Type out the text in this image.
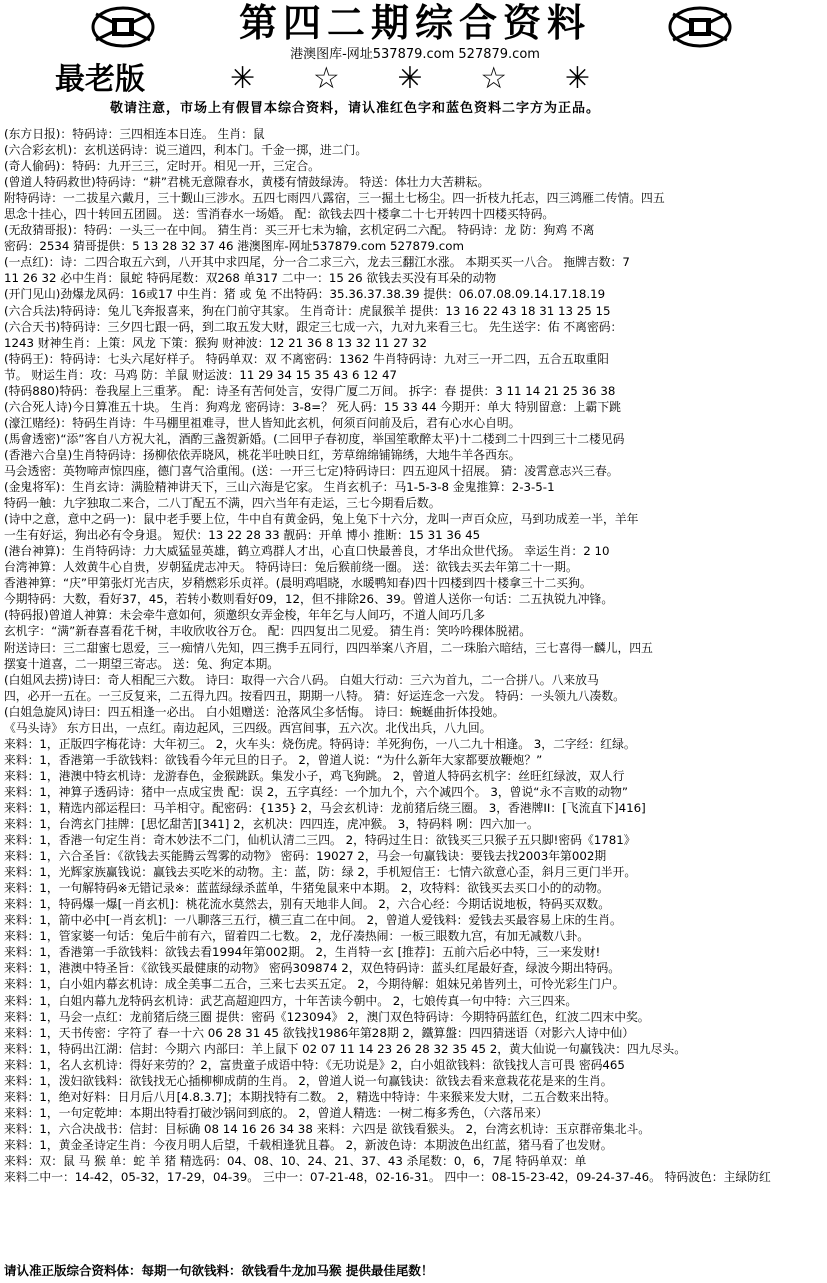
第四二期综合资料
港澳图库-网址537879.com 527879.com
最老版	✳ ☆ ✳ ☆ ✳
敬请注意，市场上有假冒本综合资料，请认准红色字和蓝色资料二字方为正品。
(东方日报)：特码诗：三四相连本日连。 生肖：鼠
(六合彩玄机)：玄机送码诗：说三道四，利本门。千金一掷，进二门。
(奇人偷码)：特码：九开三三，定时开。相见一开，三定合。
(曾道人特码救世)特码诗：“耕”君桃无意隙春水，黄楼有情鼓绿涛。 特送：体壮力大苦耕耘。
附特码诗：一二拔星六戴月，三十觐山三涉水。五四七雨四八露宿，三一掘土七杨尘。四一折枝九托志，四三鸿雁二传情。四五
思念十挂心，四十转回五团圆。 送：雪消春水一场婚。 配：欲钱去四十楼拿二十七开转四十四楼买特码。
(无敌猜哥报)：特码：一头三一在中间。 猜生肖：买三开七未为输，玄机定码二六配。 特码诗：龙 防：狗鸡 不离
密码：2534 猜哥提供：5 13 28 32 37 46 港澳图库-网址537879.com 527879.com
(一点红)：诗：二四合取五六到，八开其中求四尾，分一合二求三六，龙去三翻江水涨。 本期买买一八合。 拖牌吉数：7
11 26 32 必中生肖：鼠蛇 特码尾数：双268 单317 二中一：15 26 欲钱去买没有耳朵的动物
(开门见山)劲爆龙凤码：16或17 中生肖：猪 或 兔 不出特码：35.36.37.38.39 提供：06.07.08.09.14.17.18.19
(六合兵法)特码诗：兔儿飞奔报喜来，狗在门前守其家。 生肖奇计：虎鼠猴羊 提供：13 16 22 43 18 31 13 25 15
(六合天书)特码诗：三夕四七跟一码，到二取五发大财，跟定三七成一六，九对九来看三七。 先生送字：佑 不离密码：
1243 财神生肖：上策：风龙 下策：猴狗 财神波：12 21 36 8 13 32 11 27 32
(特码王)：特码诗：七头六尾好样子。 特码单双：双 不离密码：1362 牛肖特码诗：九对三一开二四，五合五取重阳
节。 财运生肖：攻：马鸡 防：羊鼠 财运波：11 29 34 15 35 43 6 12 47
(特码880)特码：卷我屋上三重茅。 配：诗圣有苦何处言，安得广厦二万间。 拆字：春 提供：3 11 14 21 25 36 38
(六合死人诗)今日算准五十块。 生肖：狗鸡龙 密码诗：3-8=？ 死人码：15 33 44 今期开：单大 特别留意：上霸下跳
(濠江赌经)：特码生肖诗：牛马棚里祖难寻，世人皆知此玄机，何须百问前及后，君有心水心自明。
(馬會透密)“添”客自八方祝大礼，酒酌三盏贺新婚。(二回甲子春初度，举国笙歌醉太平)十二楼到二十四到三十二楼见码
(香港六合皇)生肖特码诗：扬柳依依弄晓风，桃花半吐映日红，芳草绵绵铺锦绣，大地牛羊各西东。
马会透密：英物啼声惊四座，德门喜气洽重闱。(送：一开三七定)特码诗曰：四五迎风十招展。 猜：凌霄意志兴三春。
(金鬼将军)：生肖玄诗：满脸精神讲天下，三山六海是它家。 生肖玄机子：马1-5-3-8 金鬼推算：2-3-5-1
特码一触：九字独取二来合，二八丁配五不满，四六当年有走运，三七今期看后数。
(诗中之意，意中之码一)：鼠中老手要上位，牛中自有黄金码，兔上兔下十六分，龙叫一声百众应，马到功成差一半，羊年
一生有好运，狗出必有令身退。 短伏：13 22 28 33 靓码：开单 博小 推断：15 31 36 45
(港台神算)：生肖特码诗：力大威猛显英雄，鹤立鸡群人才出，心直口快最善良，才华出众世代扬。 幸运生肖：2 10
台湾神算：人效黄牛心自贵，岁朝猛虎志冲天。 特码诗曰：兔后猴前绕一圈。 送：欲钱去买去年第二十一期。
香港神算：“庆”甲第张灯光吉庆，岁稍燃彩乐贞祥。(晨明鸡唱晓，水暖鸭知春)四十四楼到四十楼拿三十二买狗。
今期特码：大数，看好37，45，若转小数则看好09，12，但不排除26、39。曾道人送你一句话：二五执锐九冲锋。
(特码报)曾道人神算：未会牵牛意如何，须邀织女弄金梭，年年乞与人间巧，不道人间巧几多
玄机字：“满”新春喜看花千树，丰收欣收谷万仓。 配：四四复出二见爱。 猜生肖：笑吟吟稞体脱裙。
附送诗曰：三二甜蜜七恩爱，三一痴情八先知，四三携手五同行，四四举案八齐眉，二一珠胎六暗结，三七喜得一麟儿，四五
摆宴十道喜，二一期望三寄志。 送：兔、狗定本期。
(白姐风去捞)诗曰：奇人相配三六数。 诗曰：取得一六合八码。 白姐大行动：三六为首九，二一合拼八。八来放马
四，必开一五在。一三反复来，二五得九四。按看四丑，期期一八特。 猜：好运连念一六发。 特码：一头领九八凑数。
(白姐急旋风)诗曰：四五相逢一必出。 白小姐赠送：沧落风尘多恬悔。 诗曰：蜿蜒曲折体投她。
《马头诗》 东方日出，一点红。南边起风，三四级。西宫间事，五六次。北伐出兵，八九回。
来料：1，正版四字梅花诗：大年初三。 2，火车头：烧伤虎。特码诗：羊死狗伤，一八二九十相逢。 3，二字经：红绿。
来料：1，香港第一手欲钱料：欲钱看今年元旦的日子。 2，曾道人说：“为什么新年大家都要放鞭炮？”
来料：1，港澳中特玄机诗：龙游春色，金猴跳跃。集发小子，鸡飞狗跳。 2，曾道人特码玄机字：丝旺红绿波，双人行
来料：1，神算子透码诗：猪中一点成宝贵 配：误 2，五字真经：一个加九个，六个减四个。 3，曾说“永不言败的动物”
来料：1，精选内部运程曰：马羊相守。配密码：{135} 2，马会玄机诗：龙前猪后绕三圈。 3，香港牌II：[飞流直下]416]
来料：1，台湾玄门挂牌：[思忆甜苦][341] 2，玄机决：四四连，虎冲猴。 3，特码料 咧：四六加一。
来料：1，香港一句定生肖：奇木妙法不二门，仙机认清二三四。 2，特码过生日：欲钱买三只猴子五只脚!密码《1781》
来料：1，六合圣旨：《欲钱去买能腾云驾雾的动物》 密码：19027 2，马会一句赢钱诀：要钱去找2003年第002期
来料：1，光辉家族赢钱说：赢钱去买吃米的动物。主：蓝，防：绿 2，手机短信王：七情六欲意心歪，斜月三更门半开。
来料：1，一句解特码※无错记录※：蓝蓝绿绿杀蓝单，牛猪兔鼠来中本期。 2，攻特料：欲钱买去买口小的的动物。
来料：1，特码爆一爆[一肖玄机]：桃花流水莫然去，别有天地非人间。 2，六合心经：今期话说地板，特码买双数。
来料：1，箭中必中[一肖玄机]：一八聊落三五行，横三直二在中间。 2，曾道人爱钱料：爱钱去买最容易上床的生肖。
来料：1，管家婆一句话：兔后牛前有六，留着四二七数。 2，龙仔凑热闹：一板三眼数九宫，有加无减数八卦。
来料：1，香港第一手欲钱料：欲钱去看1994年第002期。 2，生肖特一玄 [推荐]：五前六后必中特，三一来发财!
来料：1，港澳中特圣旨：《欲钱买最健康的动物》 密码309874 2，双色特码诗：蓝头红尾最好查，绿波今期出特码。
来料：1，白小姐内幕玄机诗：成全美事二五合，三来七去买五定。 2，今期待解：姐妹兄弟皆列土，可怜光彩生门户。
来料：1，白姐内幕九龙特码玄机诗：武艺高超迎四方，十年苦读今朝中。 2，七娘传真一句中特：六三四来。
来料：1，马会一点红：龙前猪后绕三圈 提供：密码《123094》 2，澳门双色特码诗：今期特码蓝红色，红波二四末中奖。
来料：1，天书传密：字符了 春一十六 06 28 31 45 欲钱找1986年第28期 2，鐵算盤：四四猜迷语（对影六人诗中仙）
来料：1，特码出江湖：信封：今期六 内部曰：羊上鼠下 02 07 11 14 23 26 28 32 35 45 2，黄大仙说一句赢钱决：四九尽头。
来料：1，名人玄机诗：得好来劳的？2，富贵童子成语中特：《无功说是》2，白小姐欲钱料：欲钱找人言可畏 密码465
来料：1，泼妇欲钱料：欲钱找无心插柳柳成荫的生肖。 2，曾道人说一句赢钱诀：欲钱去看来意栽花花是来的生肖。
来料：1，绝对好料：日月后八月[4.8.3.7]；本期找特有二数。 2，精选中特诗：牛来猴来发大财，二五合数来出特。
来料：1，一句定乾坤：本期出特看打破沙锅问到底的。 2，曾道人精选：一树二梅多秀色，（六落吊来）
来料：1，六合决战书：信封：目标确 08 14 16 26 34 38 来料：六四是 欲钱看猴头。 2，台湾玄机诗：玉京群帝集北斗。
来料：1，黄金圣诗定生肖：今夜月明人后望，千载相逢犹且暮。 2，新波色诗：本期波色出红蓝，猪马看了也发财。
来料：双：鼠 马 猴 单：蛇 羊 猪 精选码：04、08、10、24、21、37、43 杀尾数：0，6，7尾 特码单双：单
来料二中一：14-42，05-32，17-29，04-39。 三中一：07-21-48，02-16-31。 四中一：08-15-23-42，09-24-37-46。 特码波色：主绿防红
请认准正版综合资料体：每期一句欲钱料：欲钱看牛龙加马猴 提供最佳尾数！
